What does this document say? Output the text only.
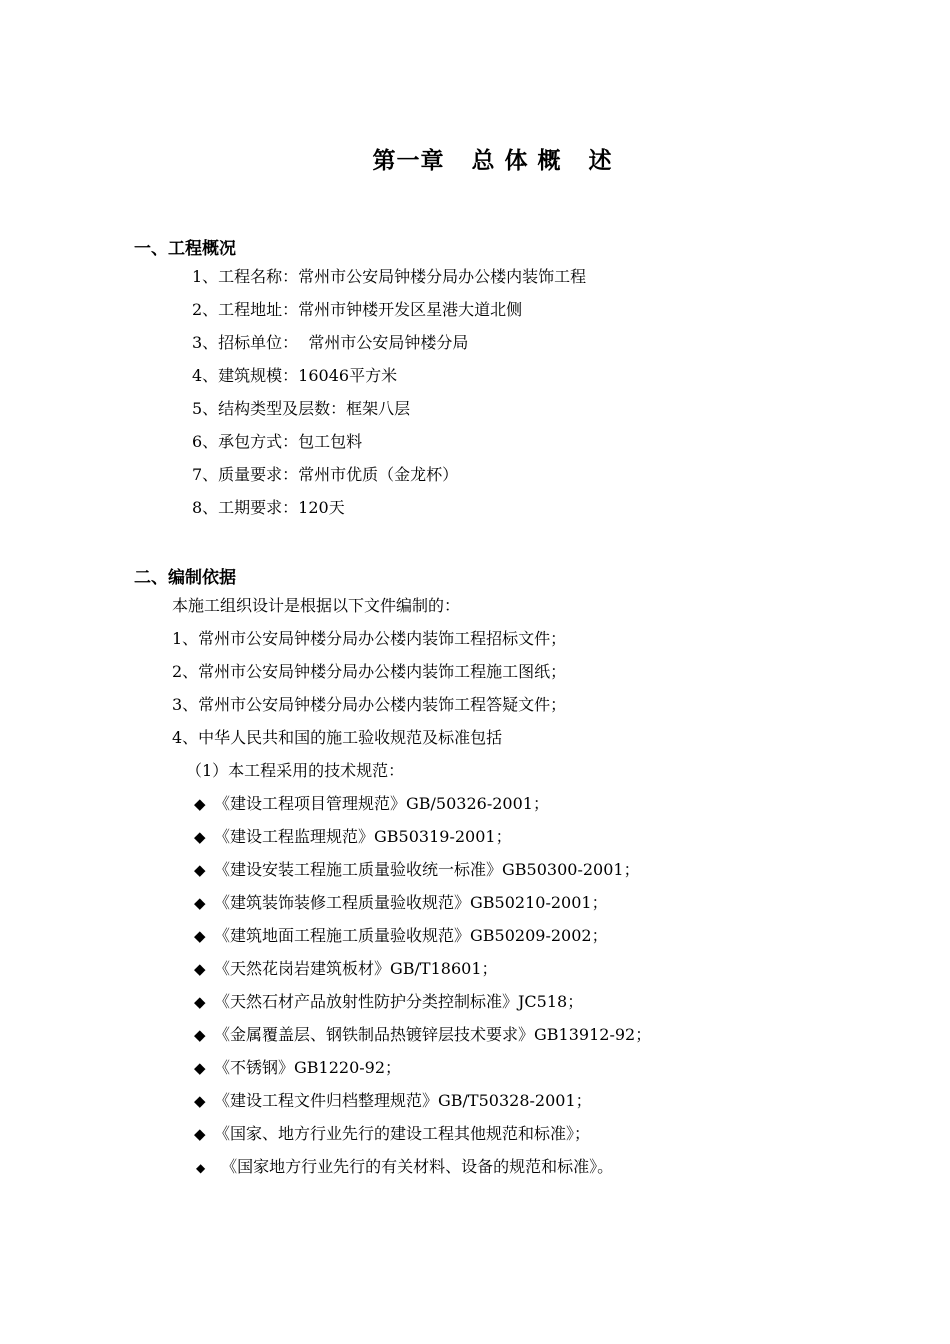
第一章   总 体 概   述
一、工程概况
1、工程名称：常州市公安局钟楼分局办公楼内装饰工程
2、工程地址：常州市钟楼开发区星港大道北侧
3、招标单位：  常州市公安局钟楼分局
4、建筑规模：16046平方米
5、结构类型及层数：框架八层
6、承包方式：包工包料
7、质量要求：常州市优质（金龙杯）
8、工期要求：120天
二、编制依据
本施工组织设计是根据以下文件编制的：
1、常州市公安局钟楼分局办公楼内装饰工程招标文件；
2、常州市公安局钟楼分局办公楼内装饰工程施工图纸；
3、常州市公安局钟楼分局办公楼内装饰工程答疑文件；
4、中华人民共和国的施工验收规范及标准包括
（1）本工程采用的技术规范：
◆ 《建设工程项目管理规范》GB/50326-2001；
◆ 《建设工程监理规范》GB50319-2001；
◆ 《建设安装工程施工质量验收统一标准》GB50300-2001；
◆ 《建筑装饰装修工程质量验收规范》GB50210-2001；
◆ 《建筑地面工程施工质量验收规范》GB50209-2002；
◆ 《天然花岗岩建筑板材》GB/T18601；
◆ 《天然石材产品放射性防护分类控制标准》JC518；
◆ 《金属覆盖层、钢铁制品热镀锌层技术要求》GB13912-92；
◆ 《不锈钢》GB1220-92；
◆ 《建设工程文件归档整理规范》GB/T50328-2001；
◆ 《国家、地方行业先行的建设工程其他规范和标准》；
◆ 《国家地方行业先行的有关材料、设备的规范和标准》。
